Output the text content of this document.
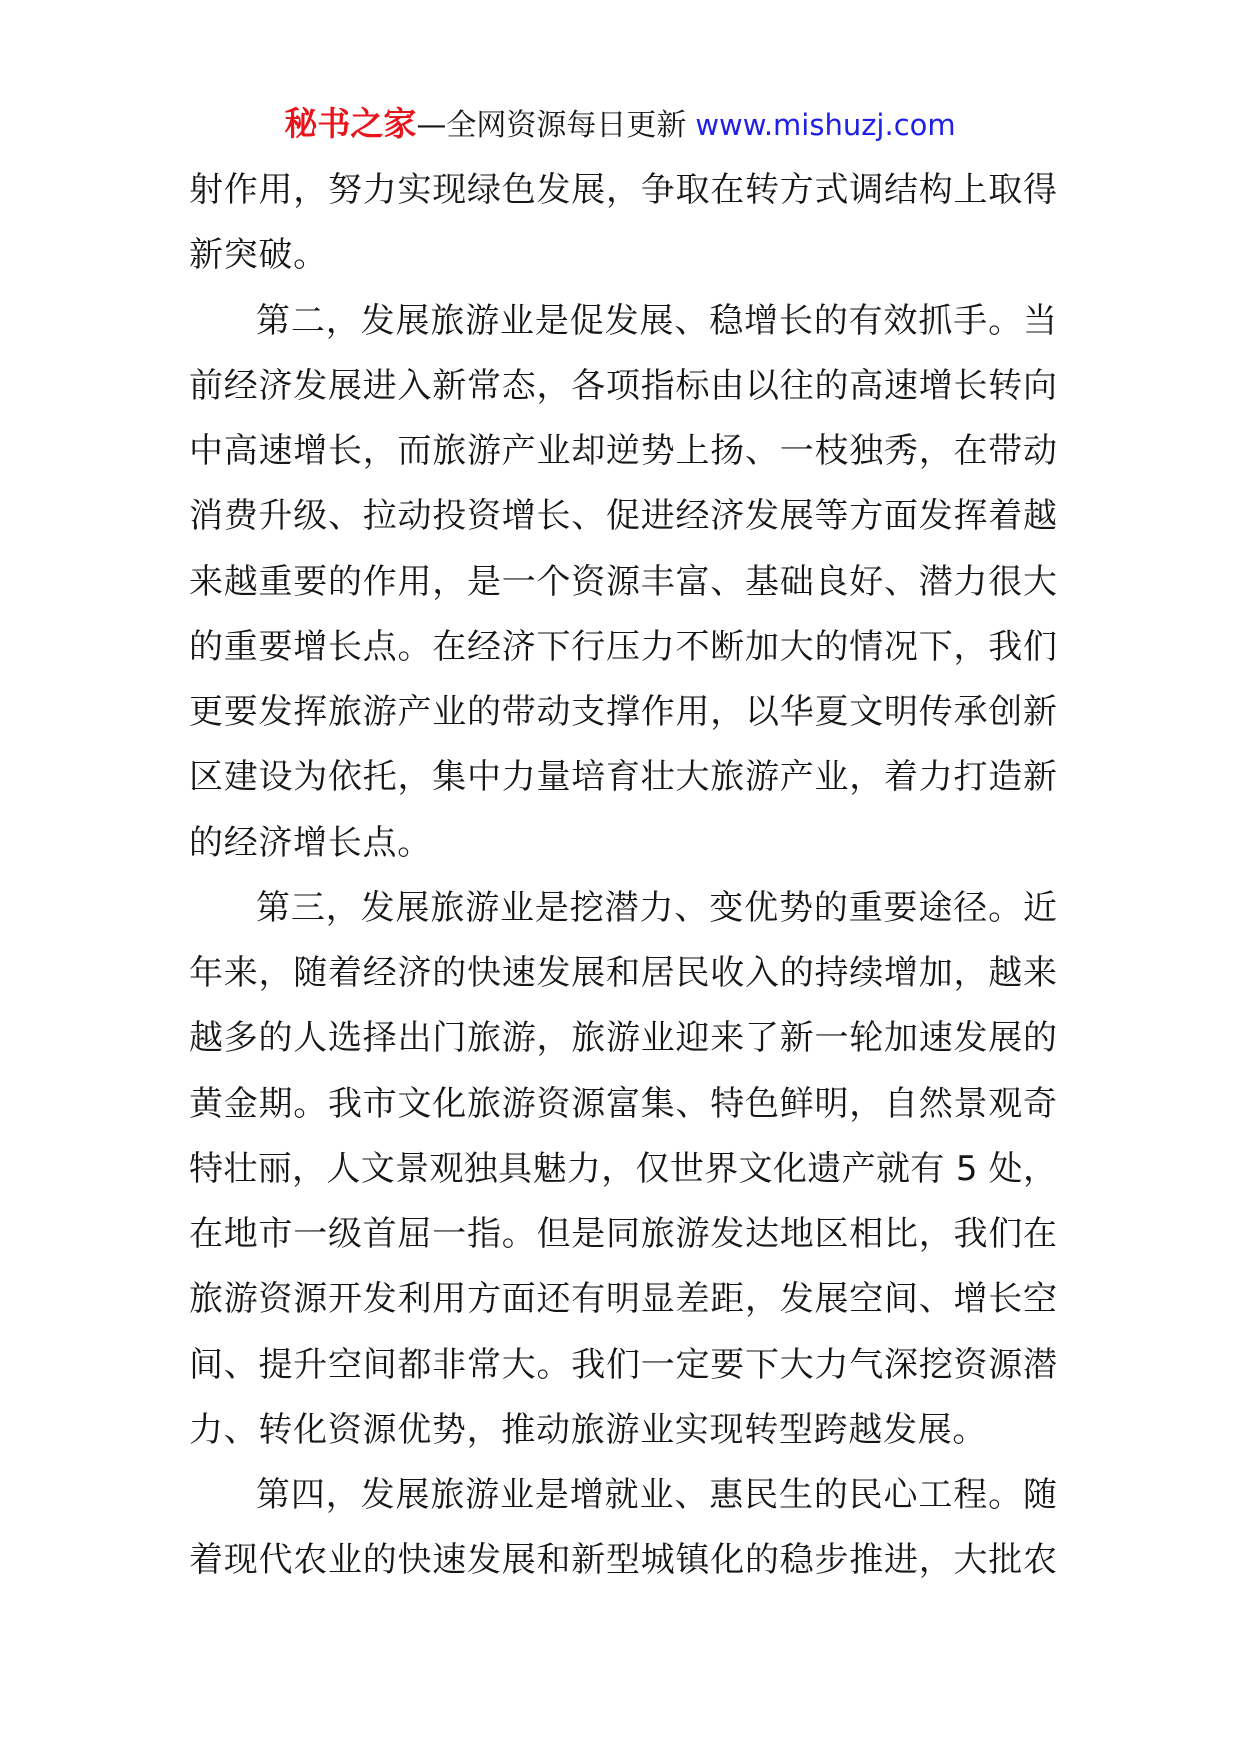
秘书之家—全网资源每日更新 www.mishuzj.com
射作用，努力实现绿色发展，争取在转方式调结构上取得
新突破。
第二，发展旅游业是促发展、稳增长的有效抓手。当
前经济发展进入新常态，各项指标由以往的高速增长转向
中高速增长，而旅游产业却逆势上扬、一枝独秀，在带动
消费升级、拉动投资增长、促进经济发展等方面发挥着越
来越重要的作用，是一个资源丰富、基础良好、潜力很大
的重要增长点。在经济下行压力不断加大的情况下，我们
更要发挥旅游产业的带动支撑作用，以华夏文明传承创新
区建设为依托，集中力量培育壮大旅游产业，着力打造新
的经济增长点。
第三，发展旅游业是挖潜力、变优势的重要途径。近
年来，随着经济的快速发展和居民收入的持续增加，越来
越多的人选择出门旅游，旅游业迎来了新一轮加速发展的
黄金期。我市文化旅游资源富集、特色鲜明，自然景观奇
特壮丽，人文景观独具魅力，仅世界文化遗产就有 5 处，
在地市一级首屈一指。但是同旅游发达地区相比，我们在
旅游资源开发利用方面还有明显差距，发展空间、增长空
间、提升空间都非常大。我们一定要下大力气深挖资源潜
力、转化资源优势，推动旅游业实现转型跨越发展。
第四，发展旅游业是增就业、惠民生的民心工程。随
着现代农业的快速发展和新型城镇化的稳步推进，大批农
